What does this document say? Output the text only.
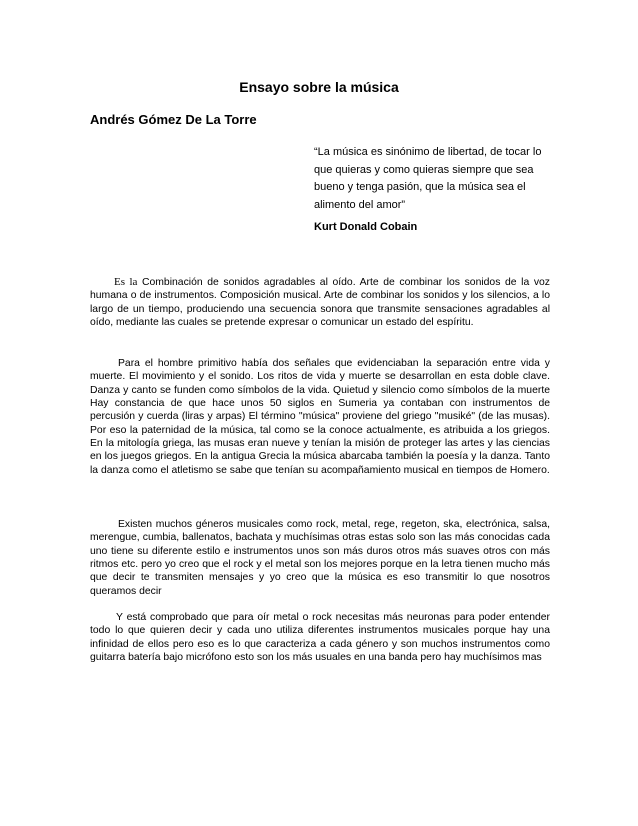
Ensayo sobre la música
Andrés Gómez De La Torre
“La música es sinónimo de libertad, de tocar lo que quieras y como quieras siempre que sea bueno y tenga pasión, que la música sea el alimento del amor”
Kurt Donald Cobain

Es la Combinación de sonidos agradables al oído. Arte de combinar los sonidos de la voz humana o de instrumentos. Composición musical. Arte de combinar los sonidos y los silencios, a lo largo de un tiempo, produciendo una secuencia sonora que transmite sensaciones agradables al oído, mediante las cuales se pretende expresar o comunicar un estado del espíritu.

Para el hombre primitivo había dos señales que evidenciaban la separación entre vida y muerte. El movimiento y el sonido. Los ritos de vida y muerte se desarrollan en esta doble clave. Danza y canto se funden como símbolos de la vida. Quietud y silencio como símbolos de la muerte Hay constancia de que hace unos 50 siglos en Sumeria ya contaban con instrumentos de percusión y cuerda (liras y arpas) El término "música" proviene del griego "musiké" (de las musas). Por eso la paternidad de la música, tal como se la conoce actualmente, es atribuida a los griegos. En la mitología griega, las musas eran nueve y tenían la misión de proteger las artes y las ciencias en los juegos griegos. En la antigua Grecia la música abarcaba también la poesía y la danza. Tanto la danza como el atletismo se sabe que tenían su acompañamiento musical en tiempos de Homero.

Existen muchos géneros musicales como rock, metal, rege, regeton, ska, electrónica, salsa, merengue, cumbia, ballenatos, bachata y muchísimas otras estas solo son las más conocidas cada uno tiene su diferente estilo e instrumentos unos son más duros otros más suaves otros con más ritmos etc. pero yo creo que el rock y el metal son los mejores porque en la letra tienen mucho más que decir te transmiten mensajes y yo creo que la música es eso transmitir lo que nosotros queramos decir

Y está comprobado que para oír metal o rock necesitas más neuronas para poder entender todo lo que quieren decir y cada uno utiliza diferentes instrumentos musicales porque hay una infinidad de ellos pero eso es lo que caracteriza a cada género y son muchos instrumentos como guitarra batería bajo micrófono esto son los más usuales en una banda pero hay muchísimos mas
